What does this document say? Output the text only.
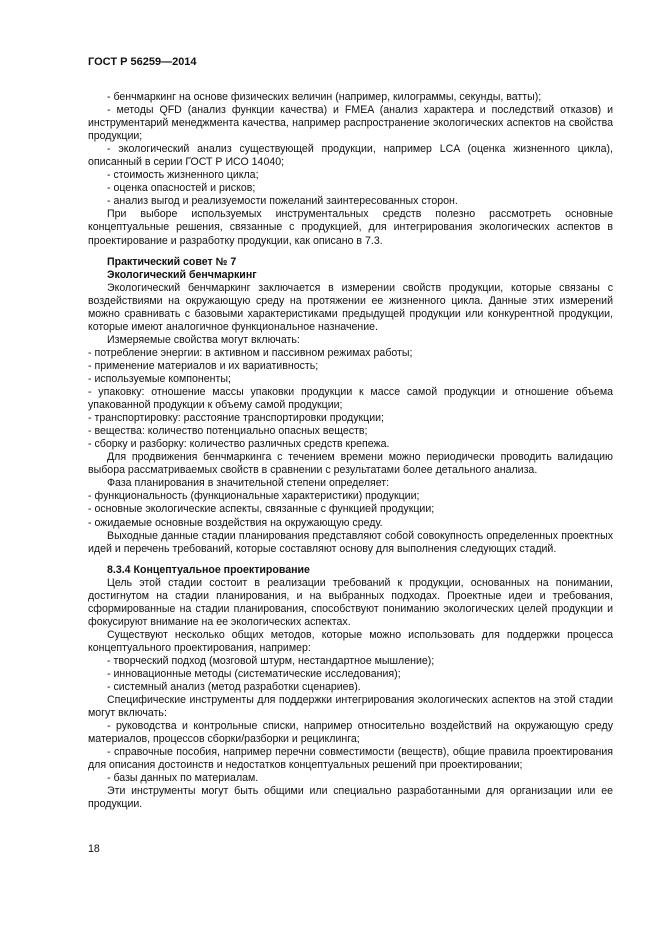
ГОСТ Р 56259—2014

- бенчмаркинг на основе физических величин (например, килограммы, секунды, ватты);

- методы QFD (анализ функции качества) и FMEA (анализ характера и последствий отказов) и инструментарий менеджмента качества, например распространение экологических аспектов на свойства продукции;

- экологический анализ существующей продукции, например LCA (оценка жизненного цикла), описанный в серии ГОСТ Р ИСО 14040;

- стоимость жизненного цикла;

- оценка опасностей и рисков;

- анализ выгод и реализуемости пожеланий заинтересованных сторон.

При выборе используемых инструментальных средств полезно рассмотреть основные концептуальные решения, связанные с продукцией, для интегрирования экологических аспектов в проектирование и разработку продукции, как описано в 7.3.

Практический совет № 7

Экологический бенчмаркинг

Экологический бенчмаркинг заключается в измерении свойств продукции, которые связаны с воздействиями на окружающую среду на протяжении ее жизненного цикла. Данные этих измерений можно сравнивать с базовыми характеристиками предыдущей продукции или конкурентной продукции, которые имеют аналогичное функциональное назначение.

Измеряемые свойства могут включать:

- потребление энергии: в активном и пассивном режимах работы;

- применение материалов и их вариативность;

- используемые компоненты;

- упаковку: отношение массы упаковки продукции к массе самой продукции и отношение объема упакованной продукции к объему самой продукции;

- транспортировку: расстояние транспортировки продукции;

- вещества: количество потенциально опасных веществ;

- сборку и разборку: количество различных средств крепежа.

Для продвижения бенчмаркинга с течением времени можно периодически проводить валидацию выбора рассматриваемых свойств в сравнении с результатами более детального анализа.

Фаза планирования в значительной степени определяет:

- функциональность (функциональные характеристики) продукции;

- основные экологические аспекты, связанные с функцией продукции;

- ожидаемые основные воздействия на окружающую среду.

Выходные данные стадии планирования представляют собой совокупность определенных проектных идей и перечень требований, которые составляют основу для выполнения следующих стадий.

8.3.4 Концептуальное проектирование

Цель этой стадии состоит в реализации требований к продукции, основанных на понимании, достигнутом на стадии планирования, и на выбранных подходах. Проектные идеи и требования, сформированные на стадии планирования, способствуют пониманию экологических целей продукции и фокусируют внимание на ее экологических аспектах.

Существуют несколько общих методов, которые можно использовать для поддержки процесса концептуального проектирования, например:

- творческий подход (мозговой штурм, нестандартное мышление);

- инновационные методы (систематические исследования);

- системный анализ (метод разработки сценариев).

Специфические инструменты для поддержки интегрирования экологических аспектов на этой стадии могут включать:

- руководства и контрольные списки, например относительно воздействий на окружающую среду материалов, процессов сборки/разборки и рециклинга;

- справочные пособия, например перечни совместимости (веществ), общие правила проектирования для описания достоинств и недостатков концептуальных решений при проектировании;

- базы данных по материалам.

Эти инструменты могут быть общими или специально разработанными для организации или ее продукции.

18
